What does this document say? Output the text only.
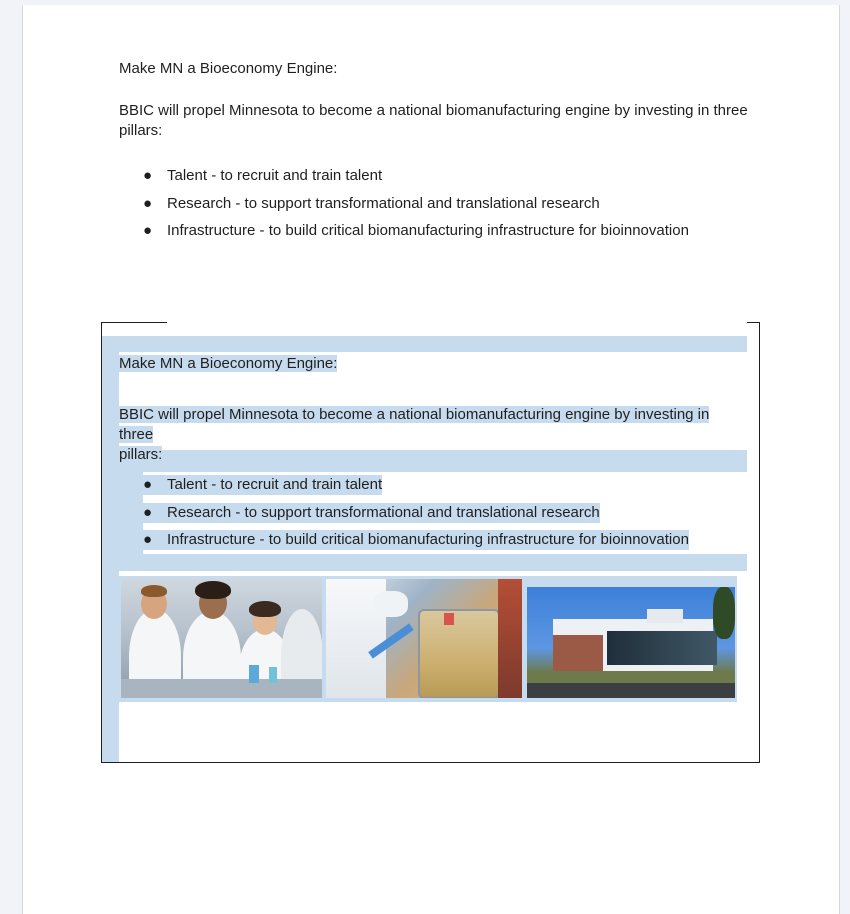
Make MN a Bioeconomy Engine:
BBIC will propel Minnesota to become a national biomanufacturing engine by investing in three pillars:
● Talent - to recruit and train talent
● Research - to support transformational and translational research
● Infrastructure - to build critical biomanufacturing infrastructure for bioinnovation
Make MN a Bioeconomy Engine:
BBIC will propel Minnesota to become a national biomanufacturing engine by investing in three
pillars:
● Talent - to recruit and train talent
● Research - to support transformational and translational research
● Infrastructure - to build critical biomanufacturing infrastructure for bioinnovation
